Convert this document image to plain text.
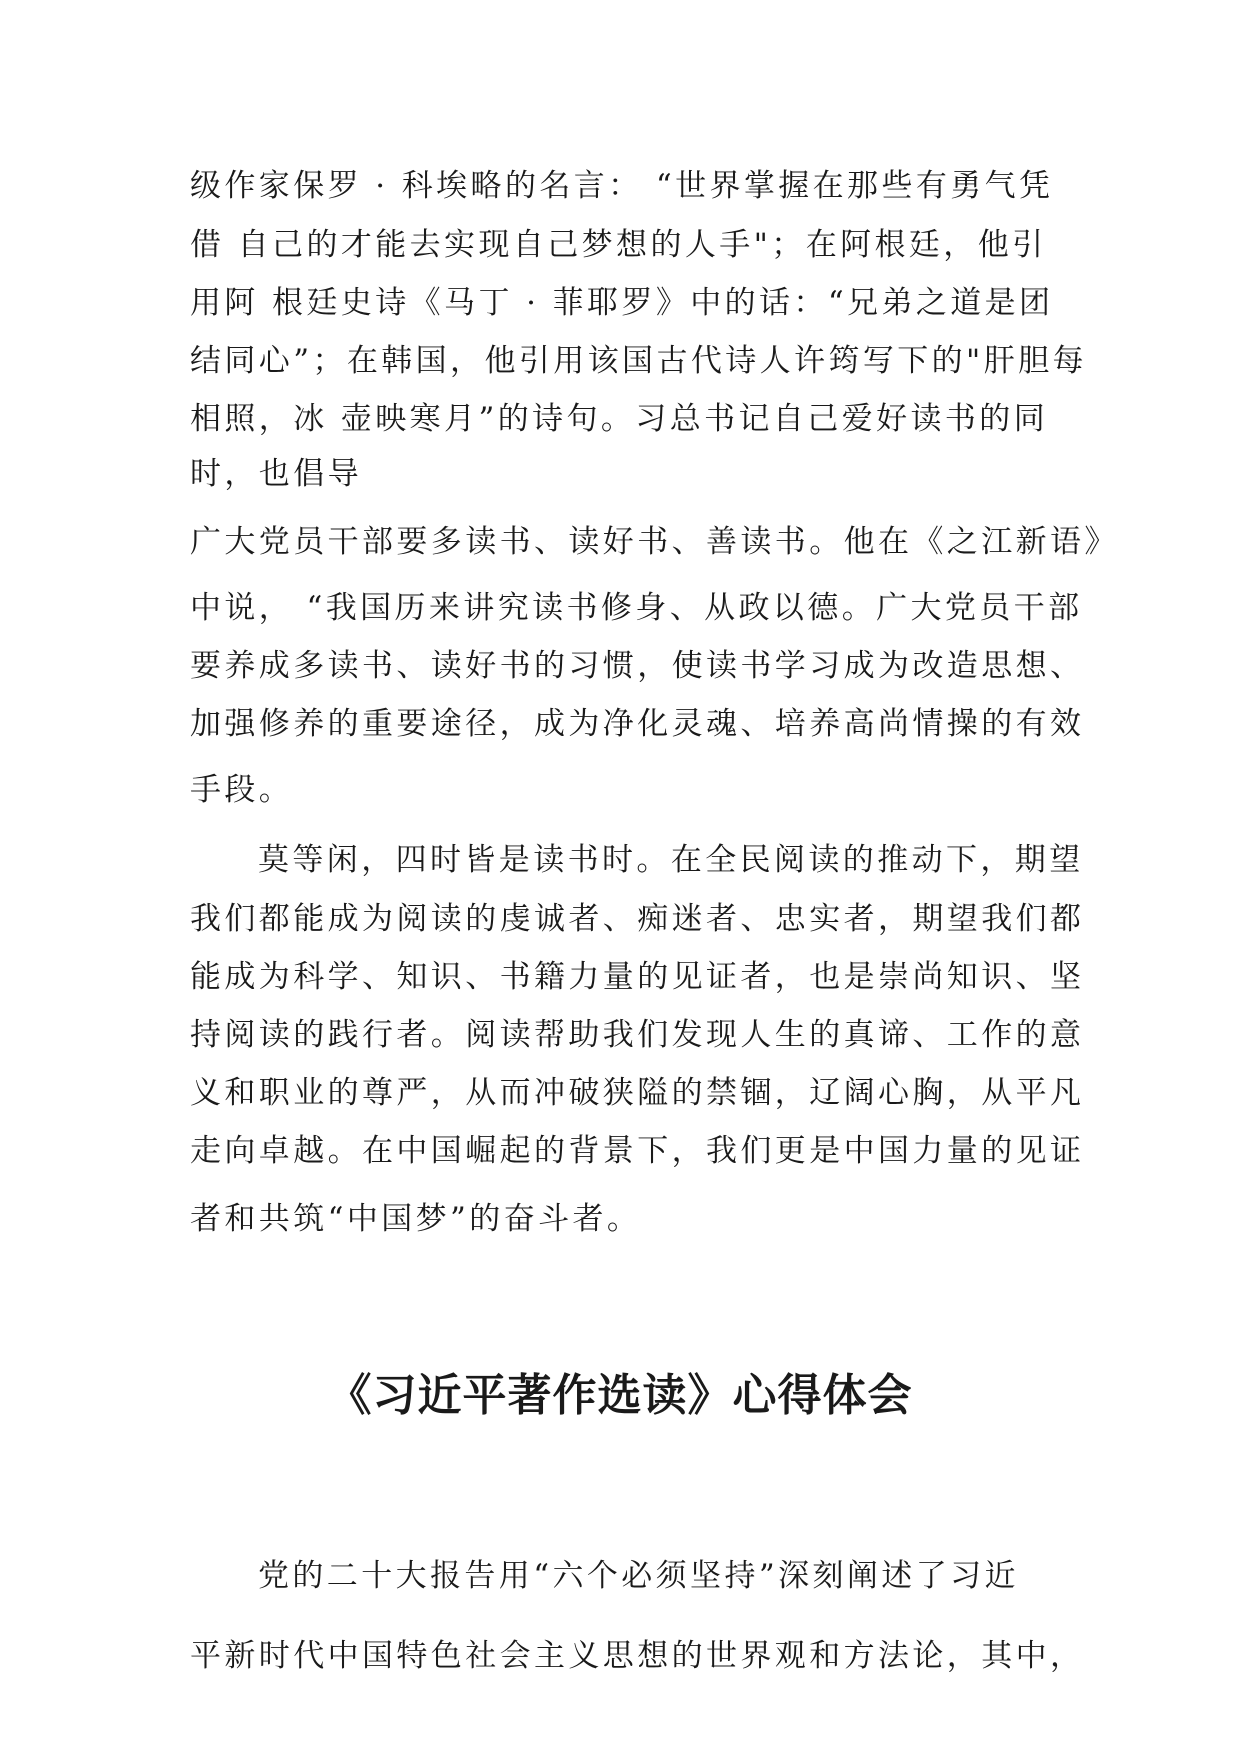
级作家保罗 · 科埃略的名言： “世界掌握在那些有勇气凭
借 自己的才能去实现自己梦想的人手"；在阿根廷，他引
用阿 根廷史诗《马丁 · 菲耶罗》中的话：“兄弟之道是团
结同心”；在韩国，他引用该国古代诗人许筠写下的"肝胆每
相照，冰 壶映寒月”的诗句。习总书记自己爱好读书的同
时，也倡导
广大党员干部要多读书、读好书、善读书。他在《之江新语》
中说， “我国历来讲究读书修身、从政以德。广大党员干部
要养成多读书、读好书的习惯，使读书学习成为改造思想、
加强修养的重要途径，成为净化灵魂、培养高尚情操的有效
手段。
莫等闲，四时皆是读书时。在全民阅读的推动下，期望
我们都能成为阅读的虔诚者、痴迷者、忠实者，期望我们都
能成为科学、知识、书籍力量的见证者，也是崇尚知识、坚
持阅读的践行者。阅读帮助我们发现人生的真谛、工作的意
义和职业的尊严，从而冲破狭隘的禁锢，辽阔心胸，从平凡
走向卓越。在中国崛起的背景下，我们更是中国力量的见证
者和共筑“中国梦”的奋斗者。
《习近平著作选读》心得体会
党的二十大报告用“六个必须坚持”深刻阐述了习近
平新时代中国特色社会主义思想的世界观和方法论，其中，
